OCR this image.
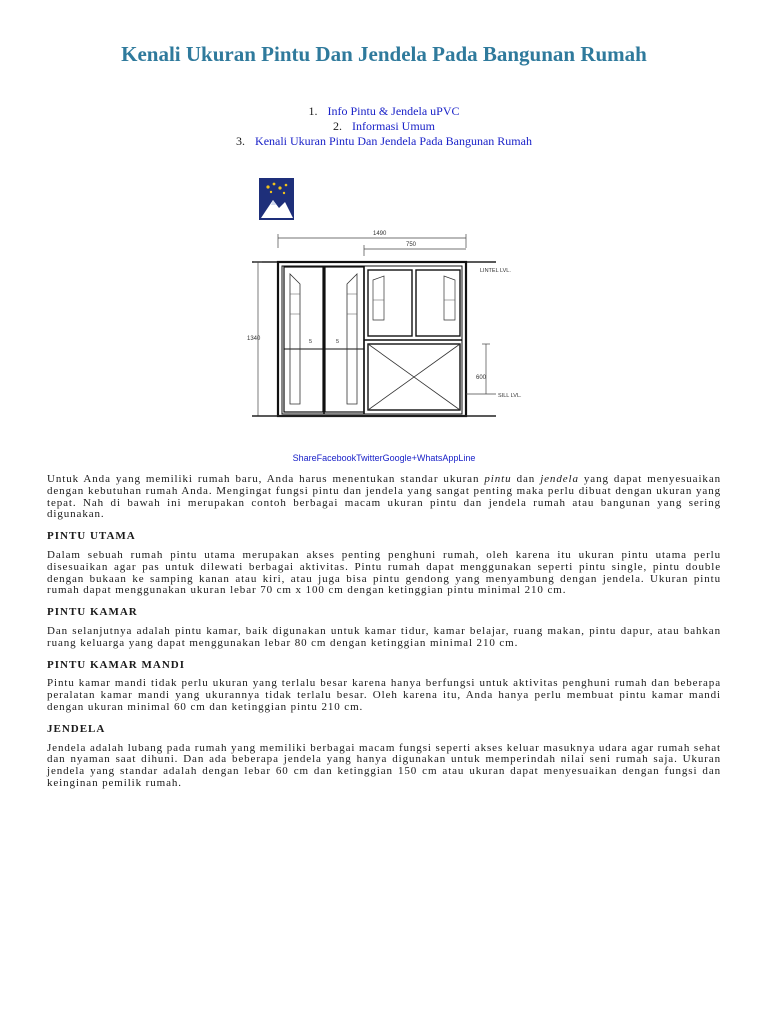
Kenali Ukuran Pintu Dan Jendela Pada Bangunan Rumah
1. Info Pintu & Jendela uPVC
2. Informasi Umum
3. Kenali Ukuran Pintu Dan Jendela Pada Bangunan Rumah
1490
750
LINTEL LVL.
1340	5	5
600
SILL LVL.
ShareFacebookTwitterGoogle+WhatsAppLine

Untuk Anda yang memiliki rumah baru, Anda harus menentukan standar ukuran pintu dan jendela yang dapat menyesuaikan dengan kebutuhan rumah Anda. Mengingat fungsi pintu dan jendela yang sangat penting maka perlu dibuat dengan ukuran yang tepat. Nah di bawah ini merupakan contoh berbagai macam ukuran pintu dan jendela rumah atau bangunan yang sering digunakan.

PINTU UTAMA

Dalam sebuah rumah pintu utama merupakan akses penting penghuni rumah, oleh karena itu ukuran pintu utama perlu disesuaikan agar pas untuk dilewati berbagai aktivitas. Pintu rumah dapat menggunakan seperti pintu single, pintu double dengan bukaan ke samping kanan atau kiri, atau juga bisa pintu gendong yang menyambung dengan jendela. Ukuran pintu rumah dapat menggunakan ukuran lebar 70 cm x 100 cm dengan ketinggian pintu minimal 210 cm.

PINTU KAMAR

Dan selanjutnya adalah pintu kamar, baik digunakan untuk kamar tidur, kamar belajar, ruang makan, pintu dapur, atau bahkan ruang keluarga yang dapat menggunakan lebar 80 cm dengan ketinggian minimal 210 cm.

PINTU KAMAR MANDI

Pintu kamar mandi tidak perlu ukuran yang terlalu besar karena hanya berfungsi untuk aktivitas penghuni rumah dan beberapa peralatan kamar mandi yang ukurannya tidak terlalu besar. Oleh karena itu, Anda hanya perlu membuat pintu kamar mandi dengan ukuran minimal 60 cm dan ketinggian pintu 210 cm.

JENDELA

Jendela adalah lubang pada rumah yang memiliki berbagai macam fungsi seperti akses keluar masuknya udara agar rumah sehat dan nyaman saat dihuni. Dan ada beberapa jendela yang hanya digunakan untuk memperindah nilai seni rumah saja. Ukuran jendela yang standar adalah dengan lebar 60 cm dan ketinggian 150 cm atau ukuran dapat menyesuaikan dengan fungsi dan keinginan pemilik rumah.
